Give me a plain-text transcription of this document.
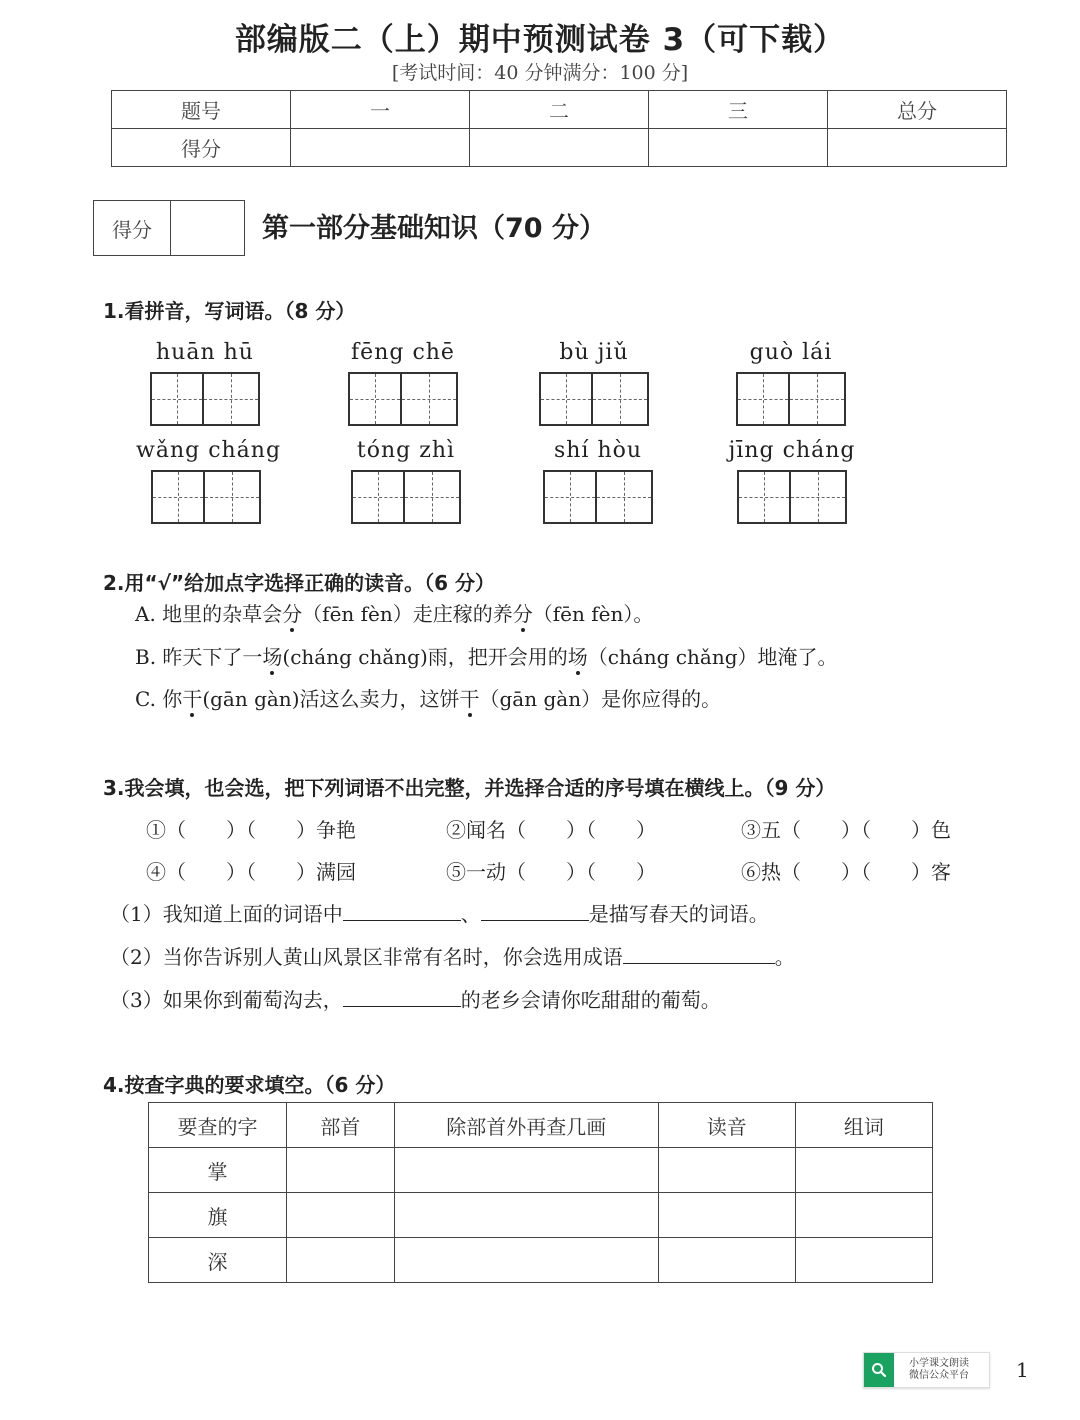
部编版二（上）期中预测试卷 3（可下载）
[考试时间：40 分钟满分：100 分]
题号	一	二	三	总分
得分				
得分	第一部分基础知识（70 分）
1.看拼音，写词语。（8 分）
huān hū	fēng chē	bù jiǔ	guò lái
wǎng cháng	tóng zhì	shí hòu	jīng cháng
2.用“√”给加点字选择正确的读音。（6 分）
A. 地里的杂草会分（fēn fèn）走庄稼的养分（fēn fèn）。
B. 昨天下了一场(cháng chǎng)雨，把开会用的场（cháng chǎng）地淹了。
C. 你干(gān gàn)活这么卖力，这饼干（gān gàn）是你应得的。
3.我会填，也会选，把下列词语不出完整，并选择合适的序号填在横线上。（9 分）
①（　　）（　　）争艳	②闻名（　　）（　　）	③五（　　）（　　）色
④（　　）（　　）满园	⑤一动（　　）（　　）	⑥热（　　）（　　）客
（1）我知道上面的词语中	、	是描写春天的词语。
（2）当你告诉别人黄山风景区非常有名时，你会选用成语	。
（3）如果你到葡萄沟去，	的老乡会请你吃甜甜的葡萄。
4.按查字典的要求填空。（6 分）
要查的字	部首	除部首外再查几画	读音	组词
掌				
旗				
深				
小学课文朗读
微信公众平台 1
